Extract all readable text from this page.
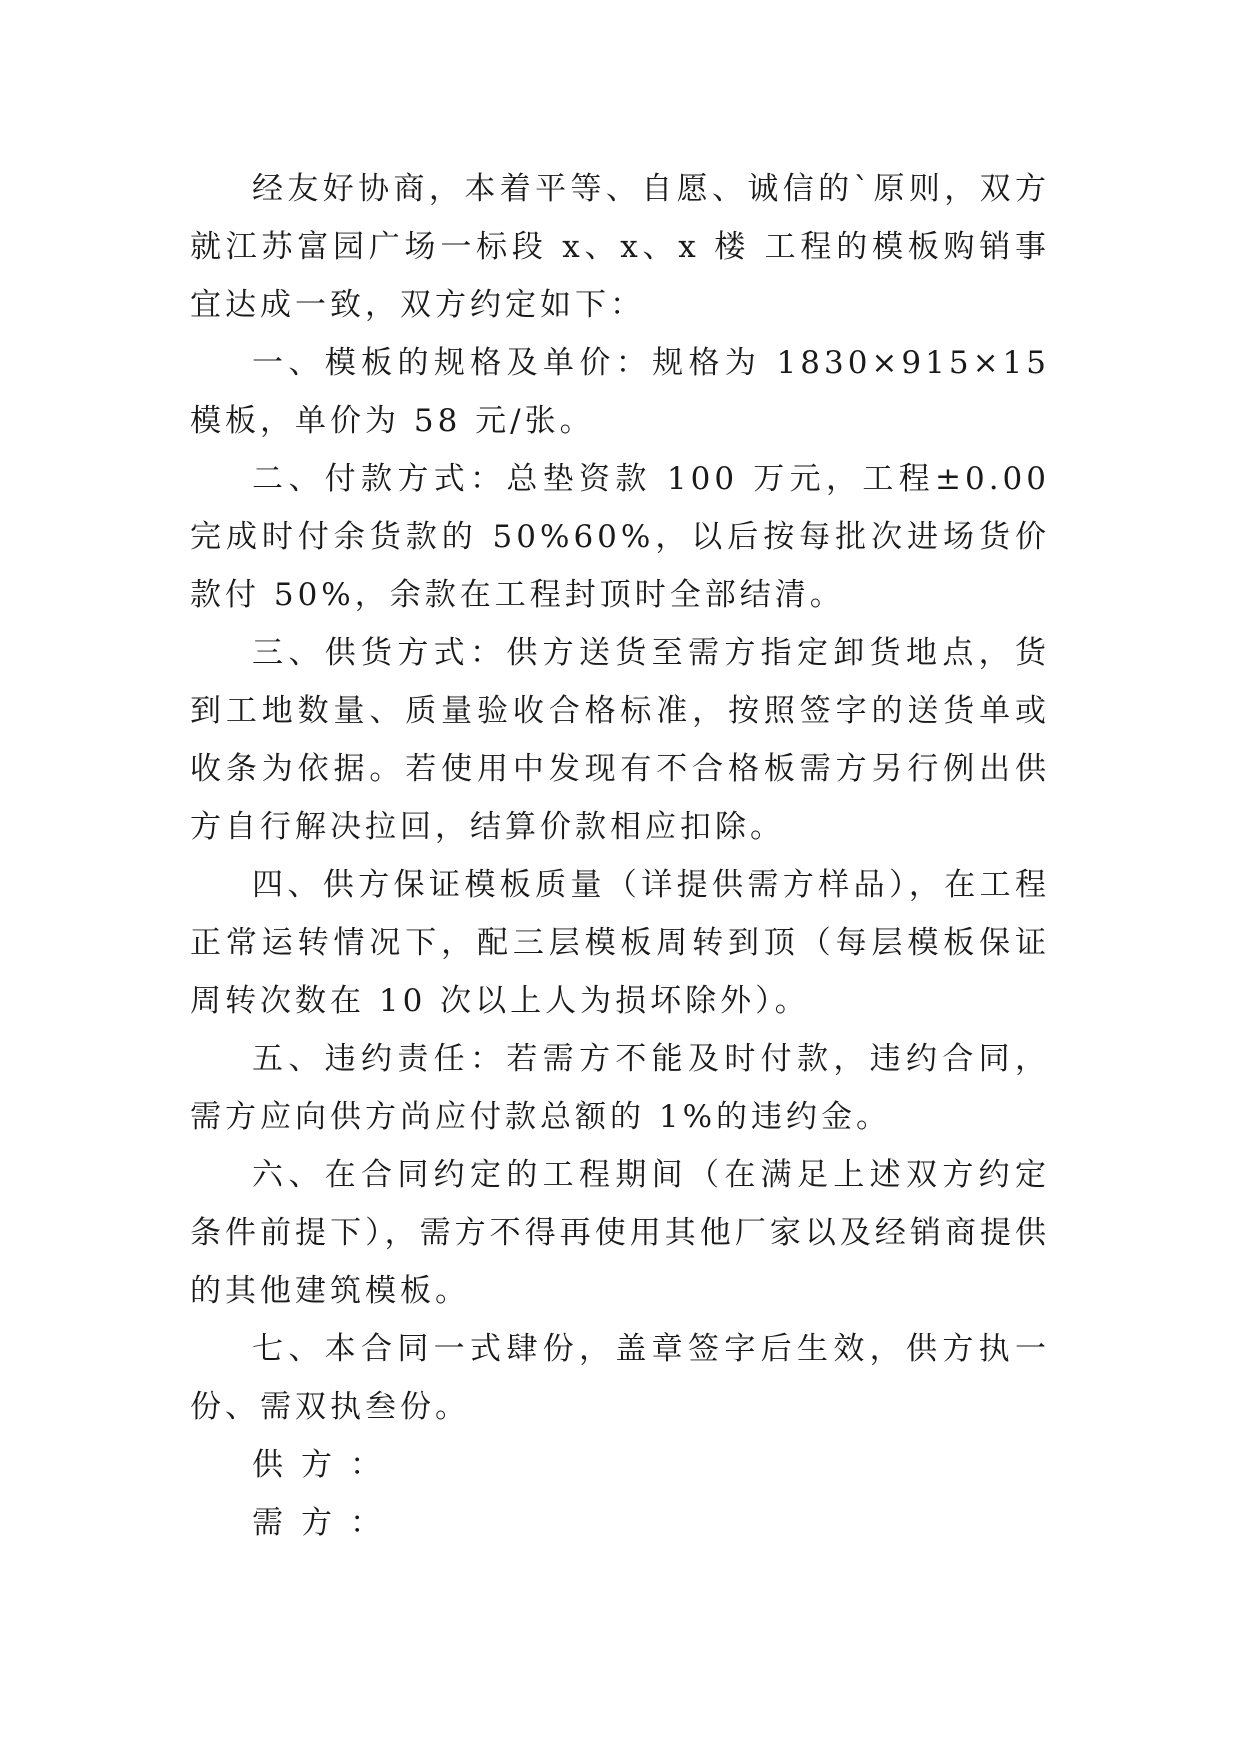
经友好协商，本着平等、自愿、诚信的`原则，双方就江苏富园广场一标段 x、x、x 楼 工程的模板购销事宜达成一致，双方约定如下：

一、模板的规格及单价：规格为 1830×915×15 模板，单价为 58 元/张。

二、付款方式：总垫资款 100 万元，工程±0.00 完成时付余货款的 50%60%，以后按每批次进场货价款付 50%，余款在工程封顶时全部结清。

三、供货方式：供方送货至需方指定卸货地点，货到工地数量、质量验收合格标准，按照签字的送货单或收条为依据。若使用中发现有不合格板需方另行例出供方自行解决拉回，结算价款相应扣除。

四、供方保证模板质量（详提供需方样品），在工程正常运转情况下，配三层模板周转到顶（每层模板保证周转次数在 10 次以上人为损坏除外）。

五、违约责任：若需方不能及时付款，违约合同，需方应向供方尚应付款总额的 1%的违约金。

六、在合同约定的工程期间（在满足上述双方约定条件前提下），需方不得再使用其他厂家以及经销商提供的其他建筑模板。

七、本合同一式肆份，盖章签字后生效，供方执一份、需双执叁份。

供方：

需方：
